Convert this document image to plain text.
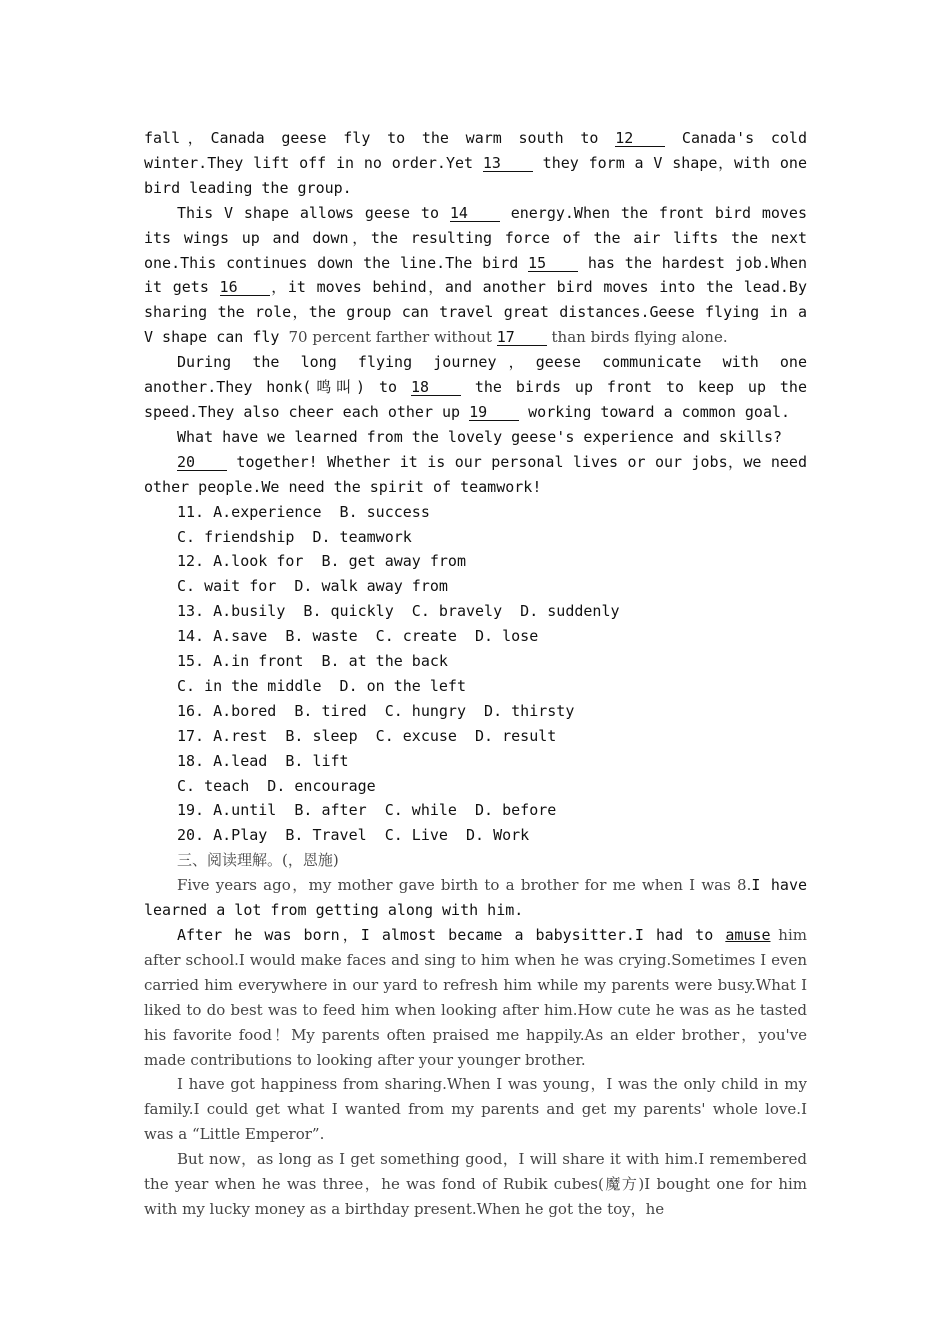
fall，Canada geese fly to the warm south to 12 Canada's cold winter.They lift off in no order.Yet 13 they form a V shape，with one bird leading the group.

This V shape allows geese to 14 energy.When the front bird moves its wings up and down，the resulting force of the air lifts the next one.This continues down the line.The bird 15 has the hardest job.When it gets 16 ，it moves behind，and another bird moves into the lead.By sharing the role，the group can travel great distances.Geese flying in a V shape can fly 70 percent farther without 17 than birds flying alone.

During the long flying journey，geese communicate with one another.They honk(鸣叫) to 18 the birds up front to keep up the speed.They also cheer each other up 19 working toward a common goal.

What have we learned from the lovely geese's experience and skills?

20 together! Whether it is our personal lives or our jobs，we need other people.We need the spirit of teamwork!

11. A.experience  B. success

C. friendship  D. teamwork

12. A.look for  B. get away from

C. wait for  D. walk away from

13. A.busily  B. quickly  C. bravely  D. suddenly

14. A.save  B. waste  C. create  D. lose

15. A.in front  B. at the back

C. in the middle  D. on the left

16. A.bored  B. tired  C. hungry  D. thirsty

17. A.rest  B. sleep  C. excuse  D. result

18. A.lead  B. lift

C. teach  D. encourage

19. A.until  B. after  C. while  D. before

20. A.Play  B. Travel  C. Live  D. Work

三、阅读理解。(，恩施)

Five years ago，my mother gave birth to a brother for me when I was 8.I have learned a lot from getting along with him.

After he was born，I almost became a babysitter.I had to amuse him after school.I would make faces and sing to him when he was crying.Sometimes I even carried him everywhere in our yard to refresh him while my parents were busy.What I liked to do best was to feed him when looking after him.How cute he was as he tasted his favorite food！My parents often praised me happily.As an elder brother，you've made contributions to looking after your younger brother.

I have got happiness from sharing.When I was young，I was the only child in my family.I could get what I wanted from my parents and get my parents' whole love.I was a “Little Emperor”.

But now，as long as I get something good，I will share it with him.I remembered the year when he was three，he was fond of Rubik cubes(魔方)I bought one for him with my lucky money as a birthday present.When he got the toy，he
